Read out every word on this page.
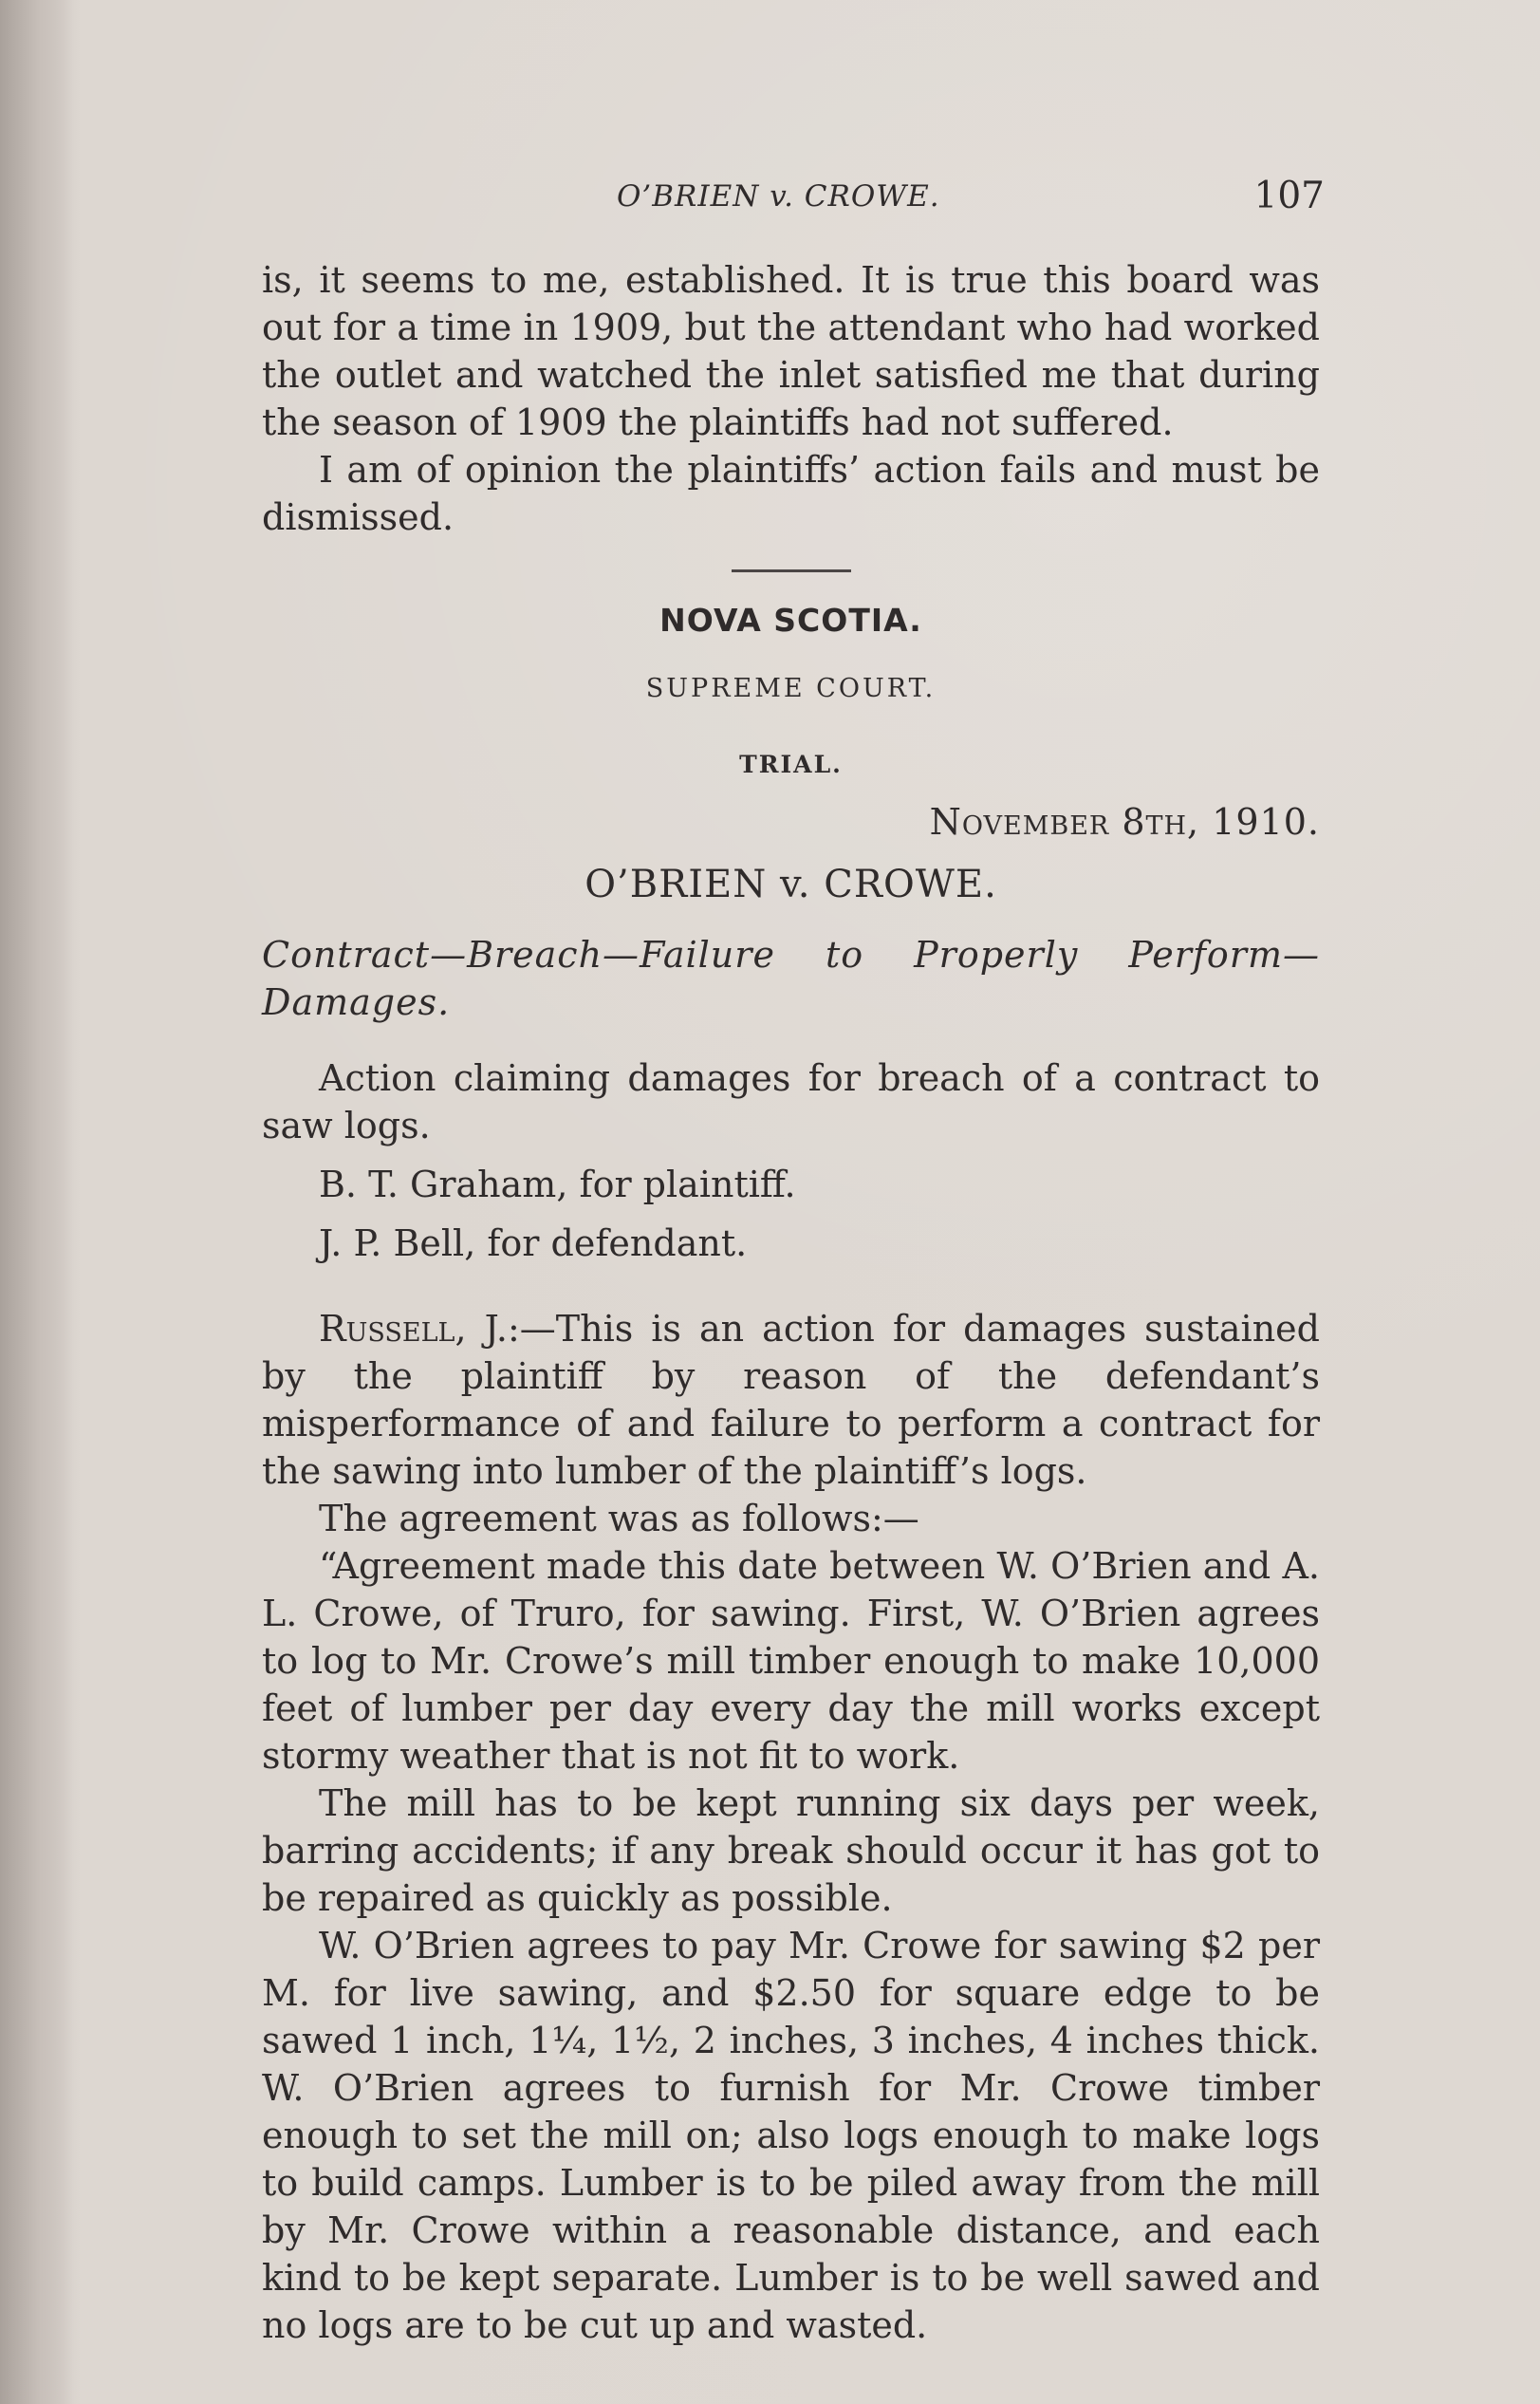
O’BRIEN v. CROWE.	107

is, it seems to me, established. It is true this board was out for a time in 1909, but the attendant who had worked the outlet and watched the inlet satisfied me that during the season of 1909 the plaintiffs had not suffered.

I am of opinion the plaintiffs’ action fails and must be dismissed.

NOVA SCOTIA.

SUPREME COURT.

TRIAL.

November 8th, 1910.

O’BRIEN v. CROWE.

Contract—Breach—Failure to Properly Perform—Damages.

Action claiming damages for breach of a contract to saw logs.

B. T. Graham, for plaintiff.

J. P. Bell, for defendant.

Russell, J.:—This is an action for damages sustained by the plaintiff by reason of the defendant’s misperformance of and failure to perform a contract for the sawing into lumber of the plaintiff’s logs.

The agreement was as follows:—

“Agreement made this date between W. O’Brien and A. L. Crowe, of Truro, for sawing. First, W. O’Brien agrees to log to Mr. Crowe’s mill timber enough to make 10,000 feet of lumber per day every day the mill works except stormy weather that is not fit to work.

The mill has to be kept running six days per week, barring accidents; if any break should occur it has got to be repaired as quickly as possible.

W. O’Brien agrees to pay Mr. Crowe for sawing $2 per M. for live sawing, and $2.50 for square edge to be sawed 1 inch, 1¼, 1½, 2 inches, 3 inches, 4 inches thick. W. O’Brien agrees to furnish for Mr. Crowe timber enough to set the mill on; also logs enough to make logs to build camps. Lumber is to be piled away from the mill by Mr. Crowe within a reasonable distance, and each kind to be kept separate. Lumber is to be well sawed and no logs are to be cut up and wasted.
